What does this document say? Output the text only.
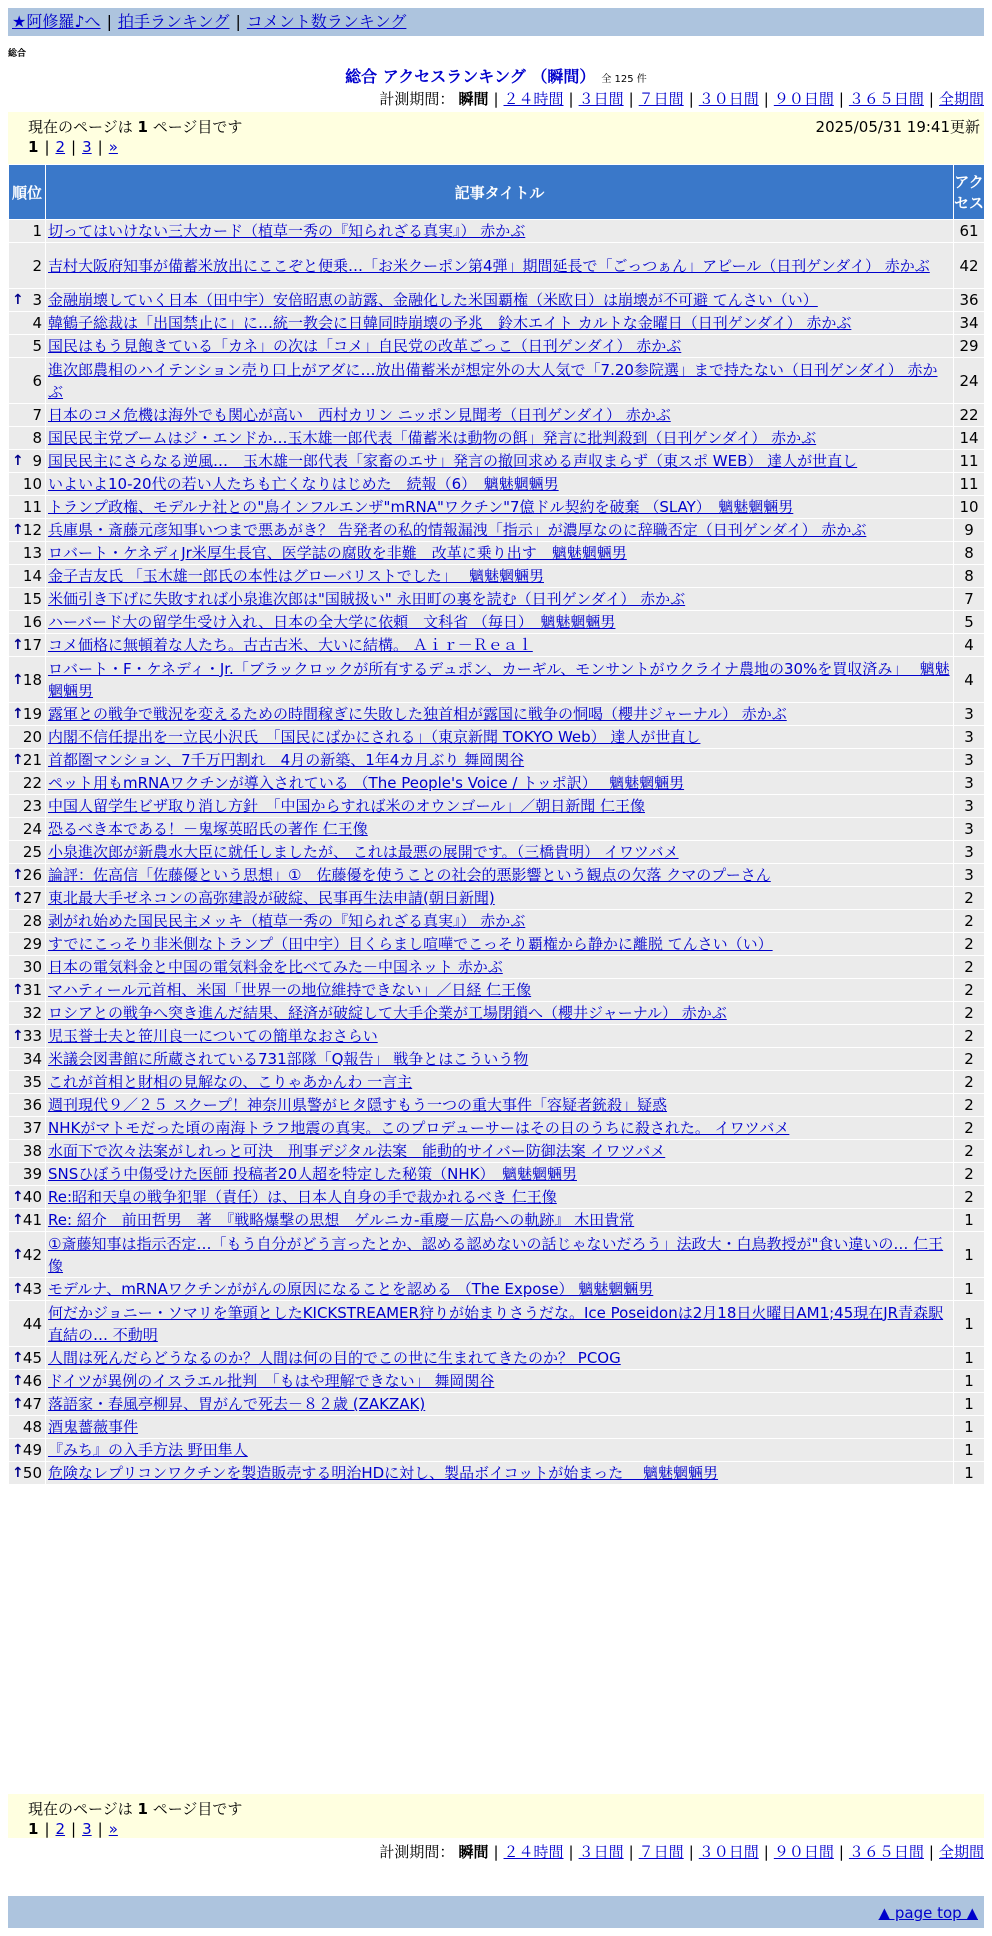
★阿修羅♪へ | 拍手ランキング | コメント数ランキング
総合
総合 アクセスランキング （瞬間） 全 125 件
計測期間： 瞬間 | ２４時間 | ３日間 | ７日間 | ３０日間 | ９０日間 | ３６５日間 | 全期間
現在のページは 1 ページ目です	2025/05/31 19:41更新
1 | 2 | 3 | »
順位	記事タイトル	アクセス
1	切ってはいけない三大カード（植草一秀の『知られざる真実』） 赤かぶ	61
2	吉村大阪府知事が備蓄米放出にここぞと便乗…「お米クーポン第4弾」期間延長で「ごっつぁん」アピール（日刊ゲンダイ） 赤かぶ	42

↑ 3	金融崩壊していく日本（田中宇）安倍昭恵の訪露、金融化した米国覇権（米欧日）は崩壊が不可避 てんさい（い）	36
4	韓鶴子総裁は「出国禁止に」に…統一教会に日韓同時崩壊の予兆　鈴木エイト カルトな金曜日（日刊ゲンダイ） 赤かぶ	34
5	国民はもう見飽きている「カネ」の次は「コメ」自民党の改革ごっこ（日刊ゲンダイ） 赤かぶ	29
6	進次郎農相のハイテンション売り口上がアダに…放出備蓄米が想定外の大人気で「7.20参院選」まで持たない（日刊ゲンダイ） 赤かぶ	24
7	日本のコメ危機は海外でも関心が高い　西村カリン ニッポン見聞考（日刊ゲンダイ） 赤かぶ	22
8	国民民主党ブームはジ・エンドか…玉木雄一郎代表「備蓄米は動物の餌」発言に批判殺到（日刊ゲンダイ） 赤かぶ	14

↑ 9	国民民主にさらなる逆風…　玉木雄一郎代表「家畜のエサ」発言の撤回求める声収まらず（東スポ WEB） 達人が世直し	11
10	いよいよ10-20代の若い人たちも亡くなりはじめた　続報（6）　魑魅魍魎男	11
11	トランプ政権、モデルナ社との"鳥インフルエンザ"mRNA"ワクチン"7億ドル契約を破棄 （SLAY）　魑魅魍魎男	10

↑ 12	兵庫県・斎藤元彦知事いつまで悪あがき？ 告発者の私的情報漏洩「指示」が濃厚なのに辞職否定（日刊ゲンダイ） 赤かぶ	9
13	ロバート・ケネディJr米厚生長官、医学誌の腐敗を非難　改革に乗り出す　魑魅魍魎男	8
14	金子吉友氏 「玉木雄一郎氏の本性はグローバリストでした」　 魑魅魍魎男	8
15	米価引き下げに失敗すれば小泉進次郎は"国賊扱い" 永田町の裏を読む（日刊ゲンダイ） 赤かぶ	7
16	ハーバード大の留学生受け入れ、日本の全大学に依頼　文科省 （毎日）　魑魅魍魎男	5

↑ 17	コメ価格に無頓着な人たち。古古古米、大いに結構。 Ａｉｒ－Ｒｅａｌ	4

↑ 18	ロバート・F・ケネディ・Jr.「ブラックロックが所有するデュポン、カーギル、モンサントがウクライナ農地の30%を買収済み」　 魑魅魍魎男	4

↑ 19	露軍との戦争で戦況を変えるための時間稼ぎに失敗した独首相が露国に戦争の恫喝（櫻井ジャーナル） 赤かぶ	3
20	内閣不信任提出を一立民小沢氏　「国民にばかにされる」（東京新聞 TOKYO Web） 達人が世直し	3

↑ 21	首都圏マンション、7千万円割れ　4月の新築、1年4カ月ぶり 舞岡関谷	3
22	ペット用もmRNAワクチンが導入されている （The People's Voice / トッポ訳）　 魑魅魍魎男	3
23	中国人留学生ビザ取り消し方針　「中国からすれば米のオウンゴール」／朝日新聞 仁王像	3
24	恐るべき本である！－鬼塚英昭氏の著作 仁王像	3
25	小泉進次郎が新農水大臣に就任しましたが、 これは最悪の展開です。（三橋貴明） イワツバメ	3

↑ 26	論評：佐高信「佐藤優という思想」①　佐藤優を使うことの社会的悪影響という観点の欠落 クマのプーさん	3

↑ 27	東北最大手ゼネコンの高弥建設が破綻、民事再生法申請(朝日新聞)	2
28	剥がれ始めた国民民主メッキ（植草一秀の『知られざる真実』） 赤かぶ	2
29	すでにこっそり非米側なトランプ（田中宇）目くらまし喧嘩でこっそり覇権から静かに離脱 てんさい（い）	2
30	日本の電気料金と中国の電気料金を比べてみた－中国ネット 赤かぶ	2

↑ 31	マハティール元首相、米国「世界一の地位維持できない」／日経 仁王像	2
32	ロシアとの戦争へ突き進んだ結果、経済が破綻して大手企業が工場閉鎖へ（櫻井ジャーナル） 赤かぶ	2

↑ 33	児玉誉士夫と笹川良一についての簡単なおさらい	2
34	米議会図書館に所蔵されている731部隊「Q報告」 戦争とはこういう物	2
35	これが首相と財相の見解なの、こりゃあかんわ 一言主	2
36	週刊現代９／２５ スクープ！神奈川県警がヒタ隠すもう一つの重大事件「容疑者銃殺」疑惑	2
37	NHKがマトモだった頃の南海トラフ地震の真実。このプロデューサーはその日のうちに殺された。 イワツバメ	2
38	水面下で次々法案がしれっと可決　刑事デジタル法案　能動的サイバー防御法案 イワツバメ	2
39	SNSひぼう中傷受けた医師 投稿者20人超を特定した秘策（NHK）　魑魅魍魎男	2

↑ 40	Re:昭和天皇の戦争犯罪（責任）は、日本人自身の手で裁かれるべき 仁王像	2

↑ 41	Re: 紹介　前田哲男　著　『戦略爆撃の思想　ゲルニカ-重慶－広島への軌跡』 木田貴常	1

↑ 42	①斎藤知事は指示否定…「もう自分がどう言ったとか、認める認めないの話じゃないだろう」法政大・白鳥教授が"食い違いの… 仁王像	1

↑ 43	モデルナ、mRNAワクチンががんの原因になることを認める （The Expose） 魑魅魍魎男	1
44	何だかジョニー・ソマリを筆頭としたKICKSTREAMER狩りが始まりさうだな。Ice Poseidonは2月18日火曜日AM1;45現在JR青森駅直結の… 不動明	1

↑ 45	人間は死んだらどうなるのか？人間は何の目的でこの世に生まれてきたのか？ PCOG	1

↑ 46	ドイツが異例のイスラエル批判　「もはや理解できない」 舞岡関谷	1

↑ 47	落語家・春風亭柳昇、胃がんで死去－８２歳 (ZAKZAK)	1
48	酒鬼薔薇事件	1

↑ 49	『みち』の入手方法 野田隼人	1

↑ 50	危険なレプリコンワクチンを製造販売する明治HDに対し、製品ボイコットが始まった　 魑魅魍魎男	1
現在のページは 1 ページ目です
1 | 2 | 3 | »
計測期間： 瞬間 | ２４時間 | ３日間 | ７日間 | ３０日間 | ９０日間 | ３６５日間 | 全期間
▲ page top ▲
